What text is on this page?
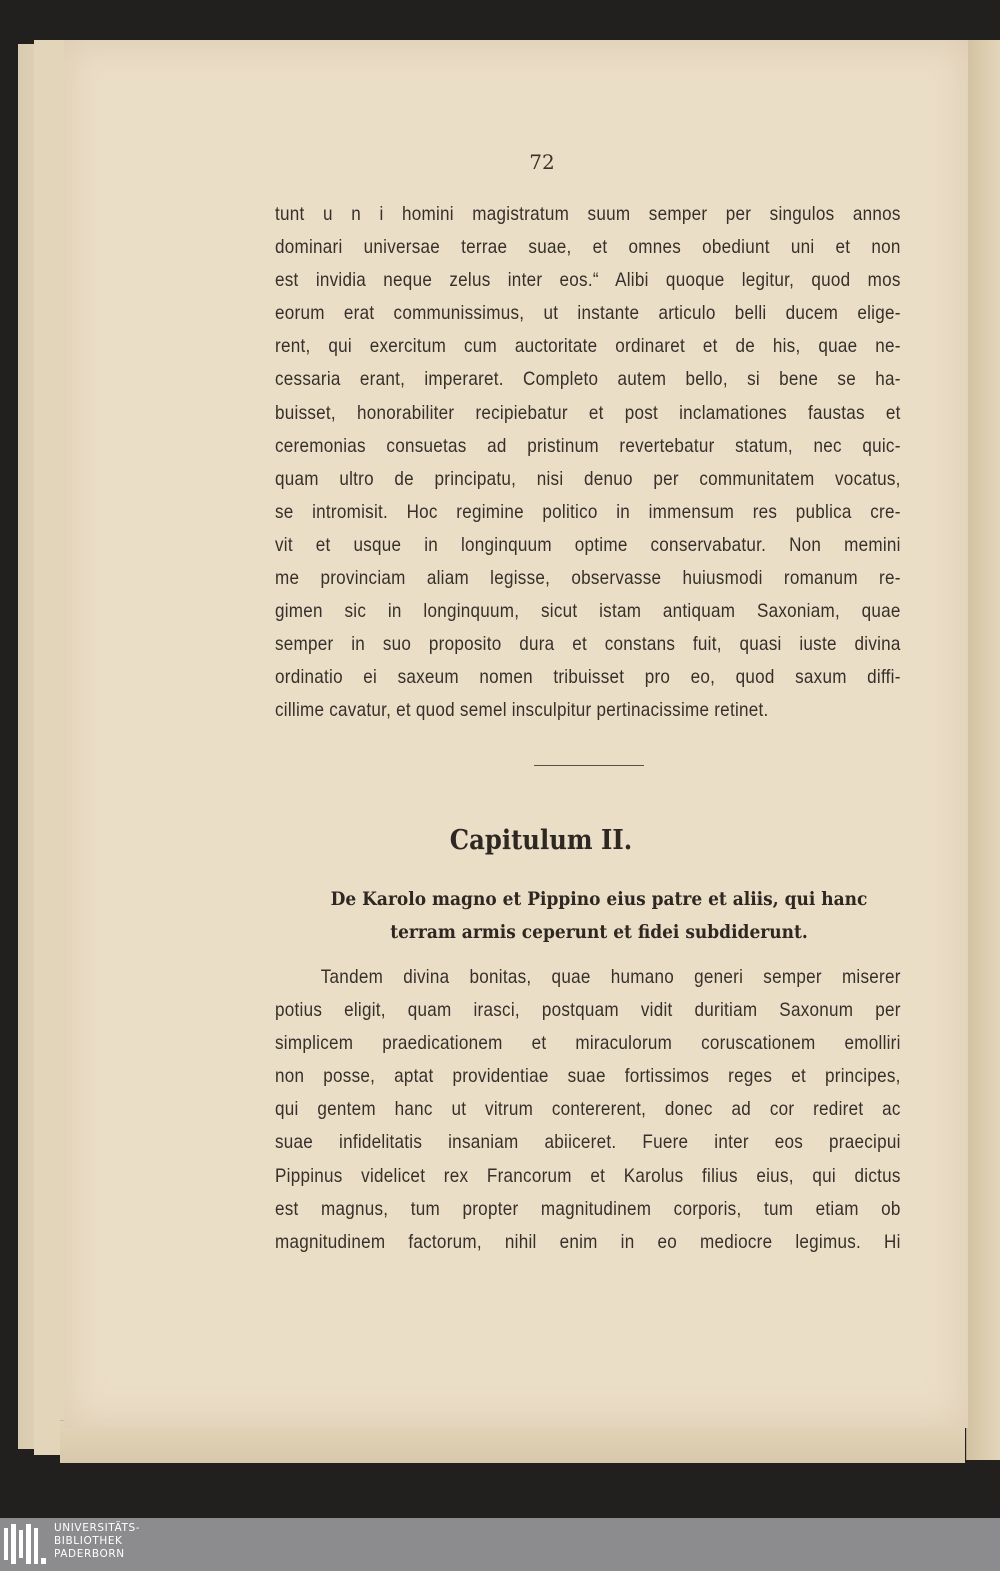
72
tunt u n i homini magistratum suum semper per singulos annos
dominari universae terrae suae, et omnes obediunt uni et non
est invidia neque zelus inter eos.“ Alibi quoque legitur, quod mos
eorum erat communissimus, ut instante articulo belli ducem elige-
rent, qui exercitum cum auctoritate ordinaret et de his, quae ne-
cessaria erant, imperaret. Completo autem bello, si bene se ha-
buisset, honorabiliter recipiebatur et post inclamationes faustas et
ceremonias consuetas ad pristinum revertebatur statum, nec quic-
quam ultro de principatu, nisi denuo per communitatem vocatus,
se intromisit. Hoc regimine politico in immensum res publica cre-
vit et usque in longinquum optime conservabatur. Non memini
me provinciam aliam legisse, observasse huiusmodi romanum re-
gimen sic in longinquum, sicut istam antiquam Saxoniam, quae
semper in suo proposito dura et constans fuit, quasi iuste divina
ordinatio ei saxeum nomen tribuisset pro eo, quod saxum diffi-
cillime cavatur, et quod semel insculpitur pertinacissime retinet.
Capitulum II.
De Karolo magno et Pippino eius patre et aliis, qui hanc
terram armis ceperunt et fidei subdiderunt.
Tandem divina bonitas, quae humano generi semper miserer
potius eligit, quam irasci, postquam vidit duritiam Saxonum per
simplicem praedicationem et miraculorum coruscationem emolliri
non posse, aptat providentiae suae fortissimos reges et principes,
qui gentem hanc ut vitrum contererent, donec ad cor rediret ac
suae infidelitatis insaniam abiiceret. Fuere inter eos praecipui
Pippinus videlicet rex Francorum et Karolus filius eius, qui dictus
est magnus, tum propter magnitudinem corporis, tum etiam ob
magnitudinem factorum, nihil enim in eo mediocre legimus. Hi
UNIVERSITÄTS-
BIBLIOTHEK
PADERBORN
